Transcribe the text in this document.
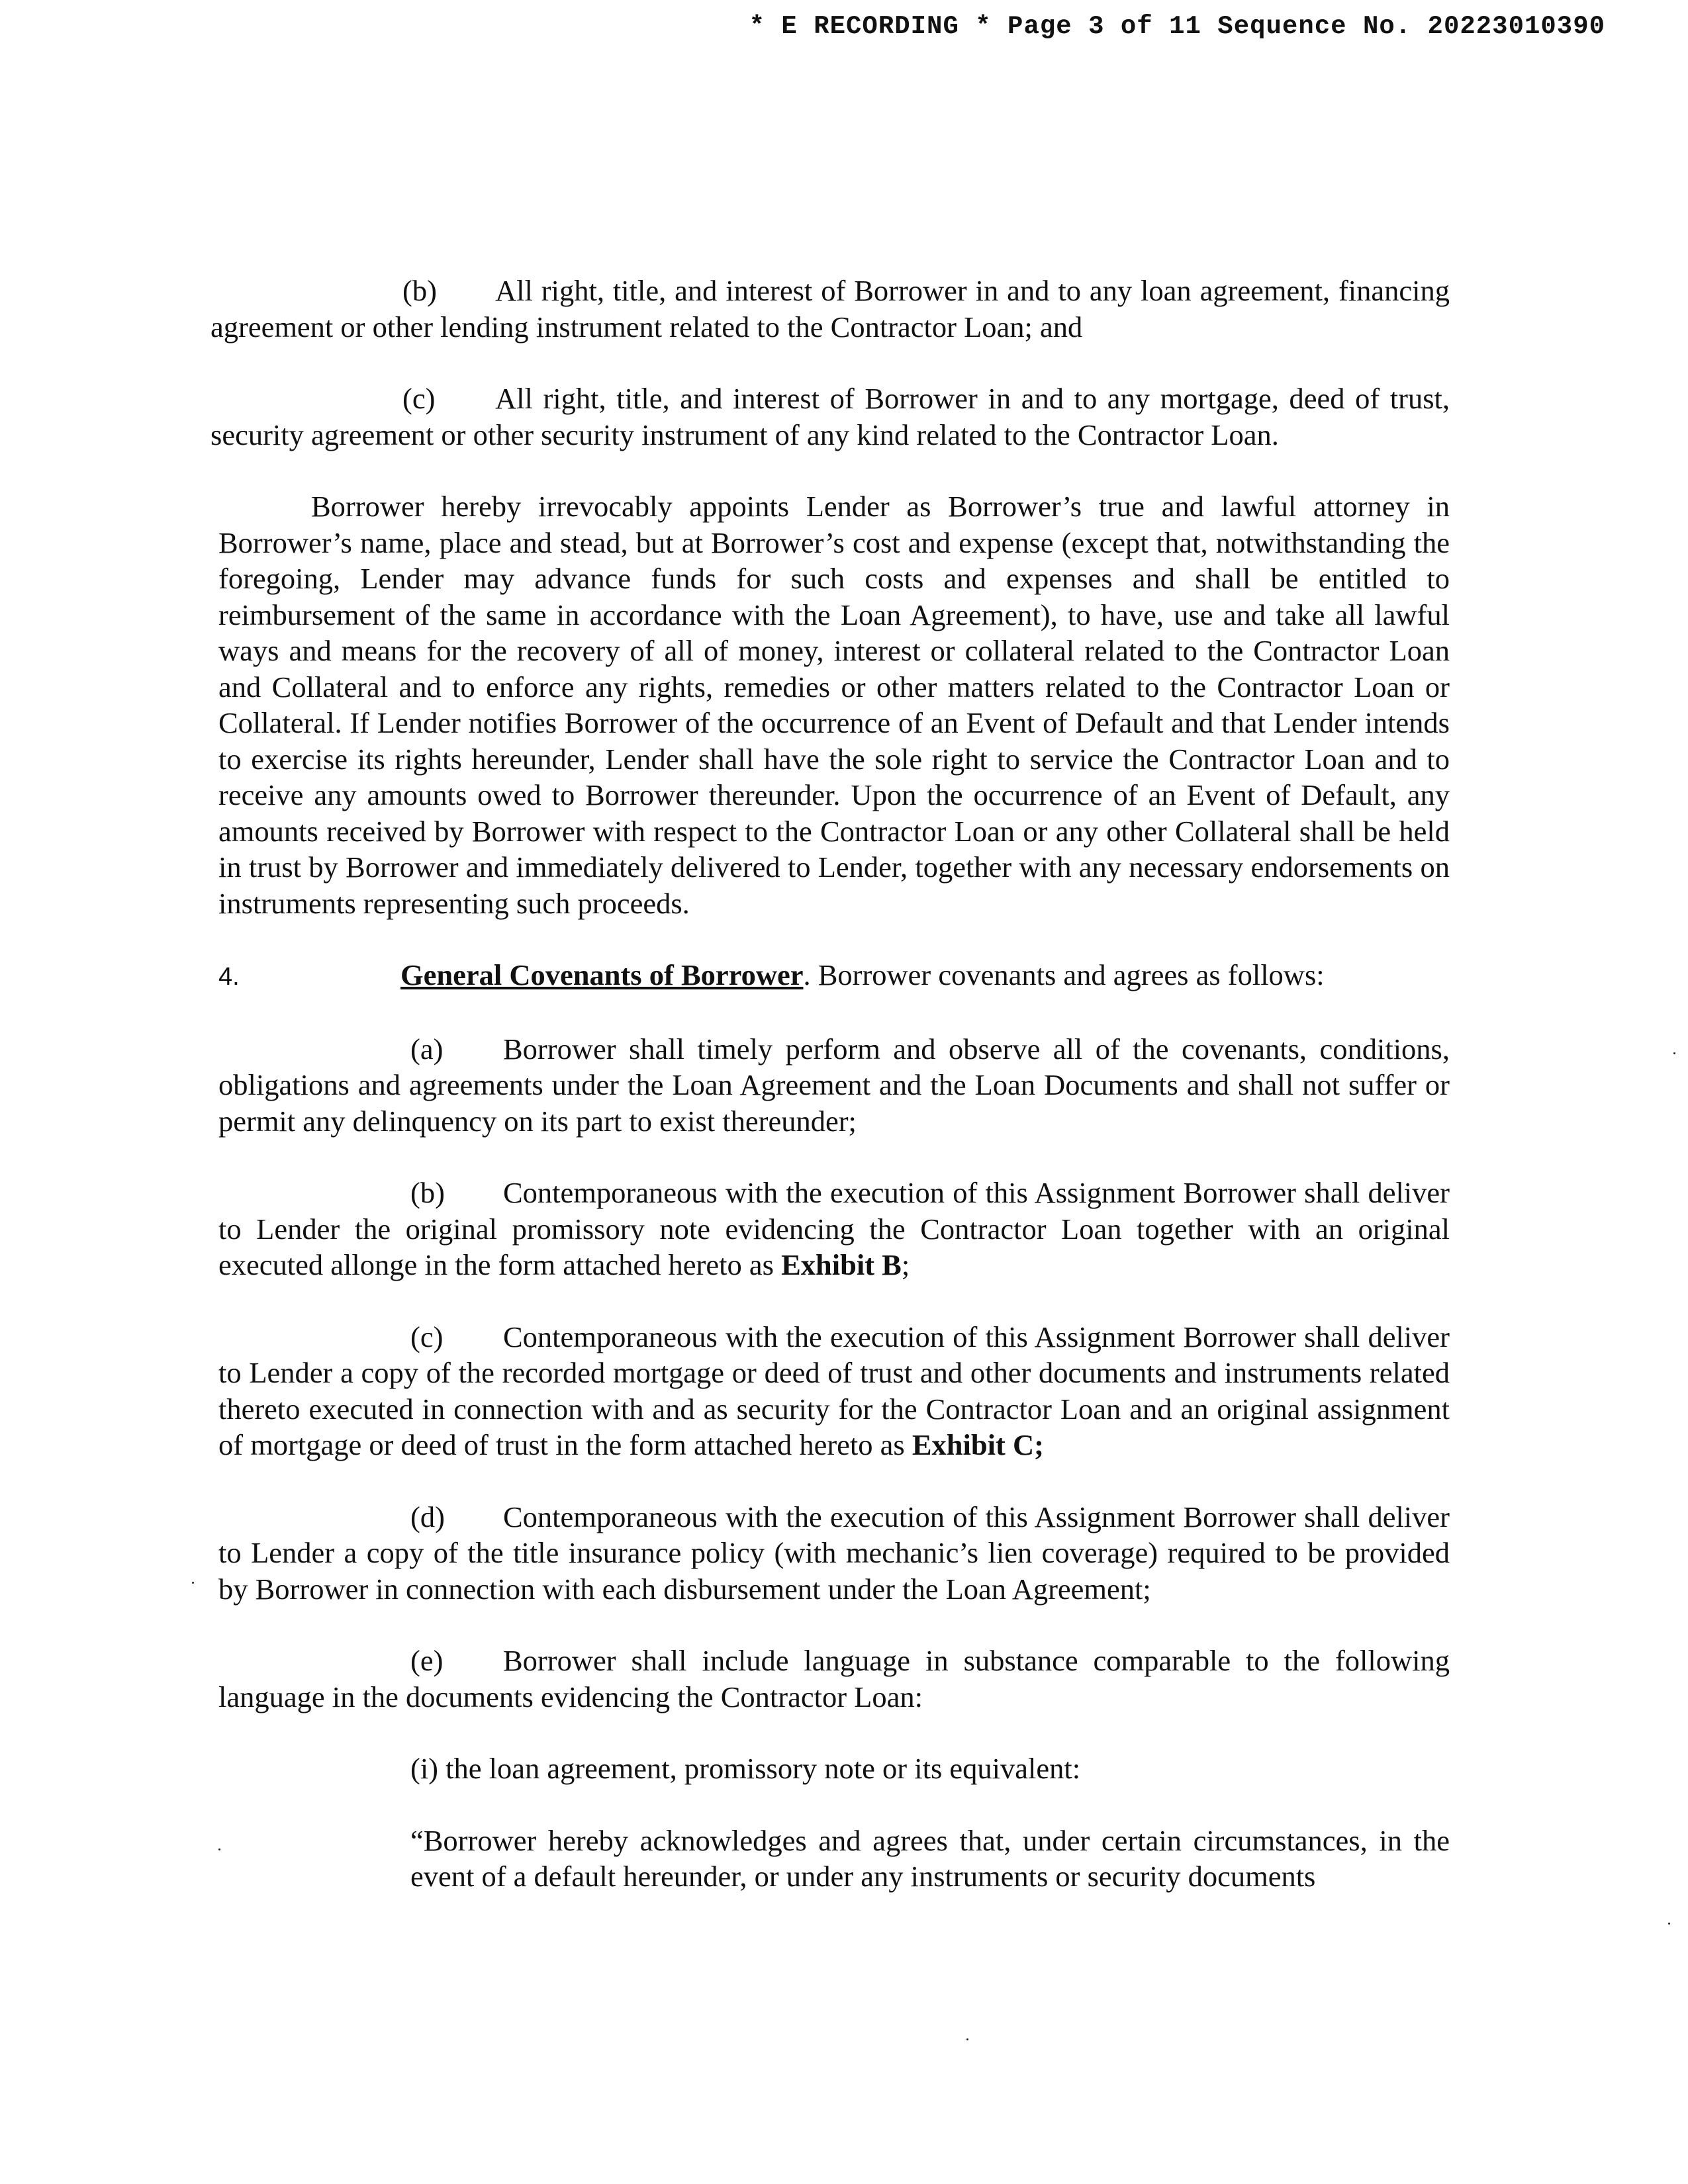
* E RECORDING * Page 3 of 11 Sequence No. 20223010390

(b) All right, title, and interest of Borrower in and to any loan agreement, financing agreement or other lending instrument related to the Contractor Loan; and

(c) All right, title, and interest of Borrower in and to any mortgage, deed of trust, security agreement or other security instrument of any kind related to the Contractor Loan.

Borrower hereby irrevocably appoints Lender as Borrower’s true and lawful attorney in Borrower’s name, place and stead, but at Borrower’s cost and expense (except that, notwithstanding the foregoing, Lender may advance funds for such costs and expenses and shall be entitled to reimbursement of the same in accordance with the Loan Agreement), to have, use and take all lawful ways and means for the recovery of all of money, interest or collateral related to the Contractor Loan and Collateral and to enforce any rights, remedies or other matters related to the Contractor Loan or Collateral. If Lender notifies Borrower of the occurrence of an Event of Default and that Lender intends to exercise its rights hereunder, Lender shall have the sole right to service the Contractor Loan and to receive any amounts owed to Borrower thereunder. Upon the occurrence of an Event of Default, any amounts received by Borrower with respect to the Contractor Loan or any other Collateral shall be held in trust by Borrower and immediately delivered to Lender, together with any necessary endorsements on instruments representing such proceeds.

4.	General Covenants of Borrower. Borrower covenants and agrees as follows:

(a) Borrower shall timely perform and observe all of the covenants, conditions, obligations and agreements under the Loan Agreement and the Loan Documents and shall not suffer or permit any delinquency on its part to exist thereunder;

(b) Contemporaneous with the execution of this Assignment Borrower shall deliver to Lender the original promissory note evidencing the Contractor Loan together with an original executed allonge in the form attached hereto as Exhibit B;

(c) Contemporaneous with the execution of this Assignment Borrower shall deliver to Lender a copy of the recorded mortgage or deed of trust and other documents and instruments related thereto executed in connection with and as security for the Contractor Loan and an original assignment of mortgage or deed of trust in the form attached hereto as Exhibit C;

(d) Contemporaneous with the execution of this Assignment Borrower shall deliver to Lender a copy of the title insurance policy (with mechanic’s lien coverage) required to be provided by Borrower in connection with each disbursement under the Loan Agreement;

(e) Borrower shall include language in substance comparable to the following language in the documents evidencing the Contractor Loan:

(i) the loan agreement, promissory note or its equivalent:

“Borrower hereby acknowledges and agrees that, under certain circumstances, in the event of a default hereunder, or under any instruments or security documents
